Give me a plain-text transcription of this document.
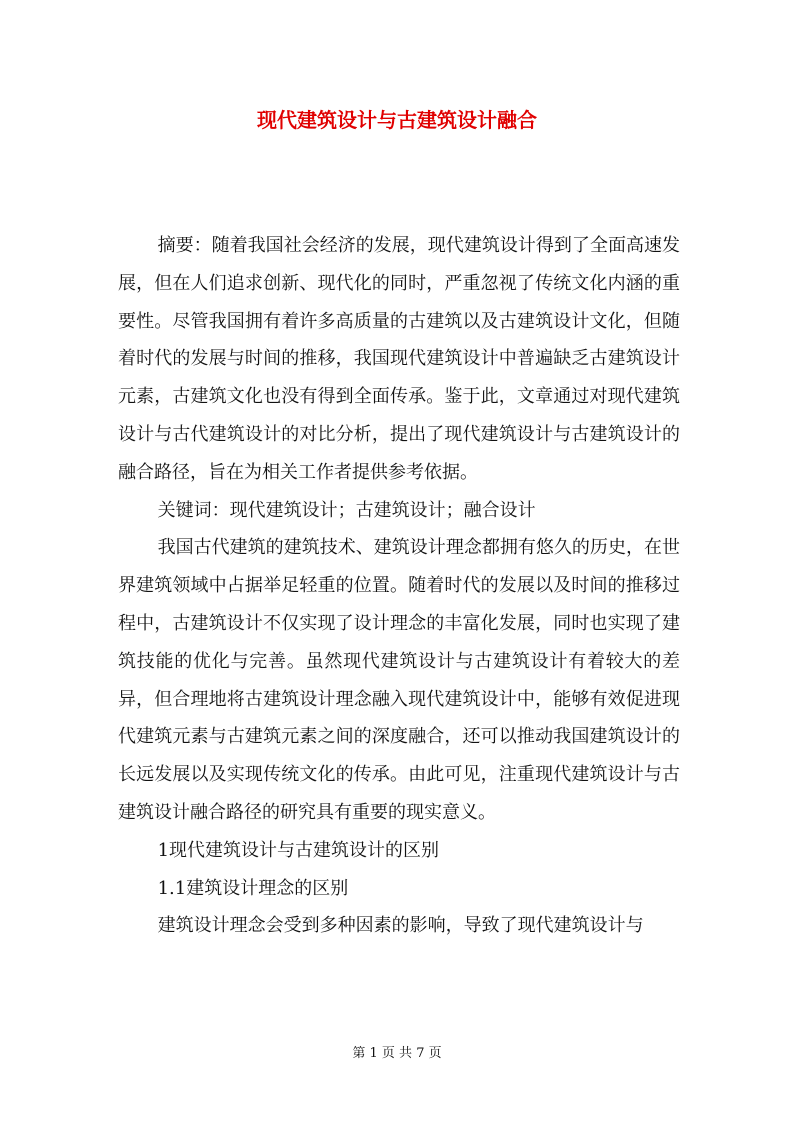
现代建筑设计与古建筑设计融合

摘要：随着我国社会经济的发展，现代建筑设计得到了全面高速发展，但在人们追求创新、现代化的同时，严重忽视了传统文化内涵的重要性。尽管我国拥有着许多高质量的古建筑以及古建筑设计文化，但随着时代的发展与时间的推移，我国现代建筑设计中普遍缺乏古建筑设计元素，古建筑文化也没有得到全面传承。鉴于此，文章通过对现代建筑设计与古代建筑设计的对比分析，提出了现代建筑设计与古建筑设计的融合路径，旨在为相关工作者提供参考依据。

关键词：现代建筑设计；古建筑设计；融合设计

我国古代建筑的建筑技术、建筑设计理念都拥有悠久的历史，在世界建筑领域中占据举足轻重的位置。随着时代的发展以及时间的推移过程中，古建筑设计不仅实现了设计理念的丰富化发展，同时也实现了建筑技能的优化与完善。虽然现代建筑设计与古建筑设计有着较大的差异，但合理地将古建筑设计理念融入现代建筑设计中，能够有效促进现代建筑元素与古建筑元素之间的深度融合，还可以推动我国建筑设计的长远发展以及实现传统文化的传承。由此可见，注重现代建筑设计与古建筑设计融合路径的研究具有重要的现实意义。

1现代建筑设计与古建筑设计的区别

1.1建筑设计理念的区别

建筑设计理念会受到多种因素的影响，导致了现代建筑设计与

第 1 页 共 7 页
